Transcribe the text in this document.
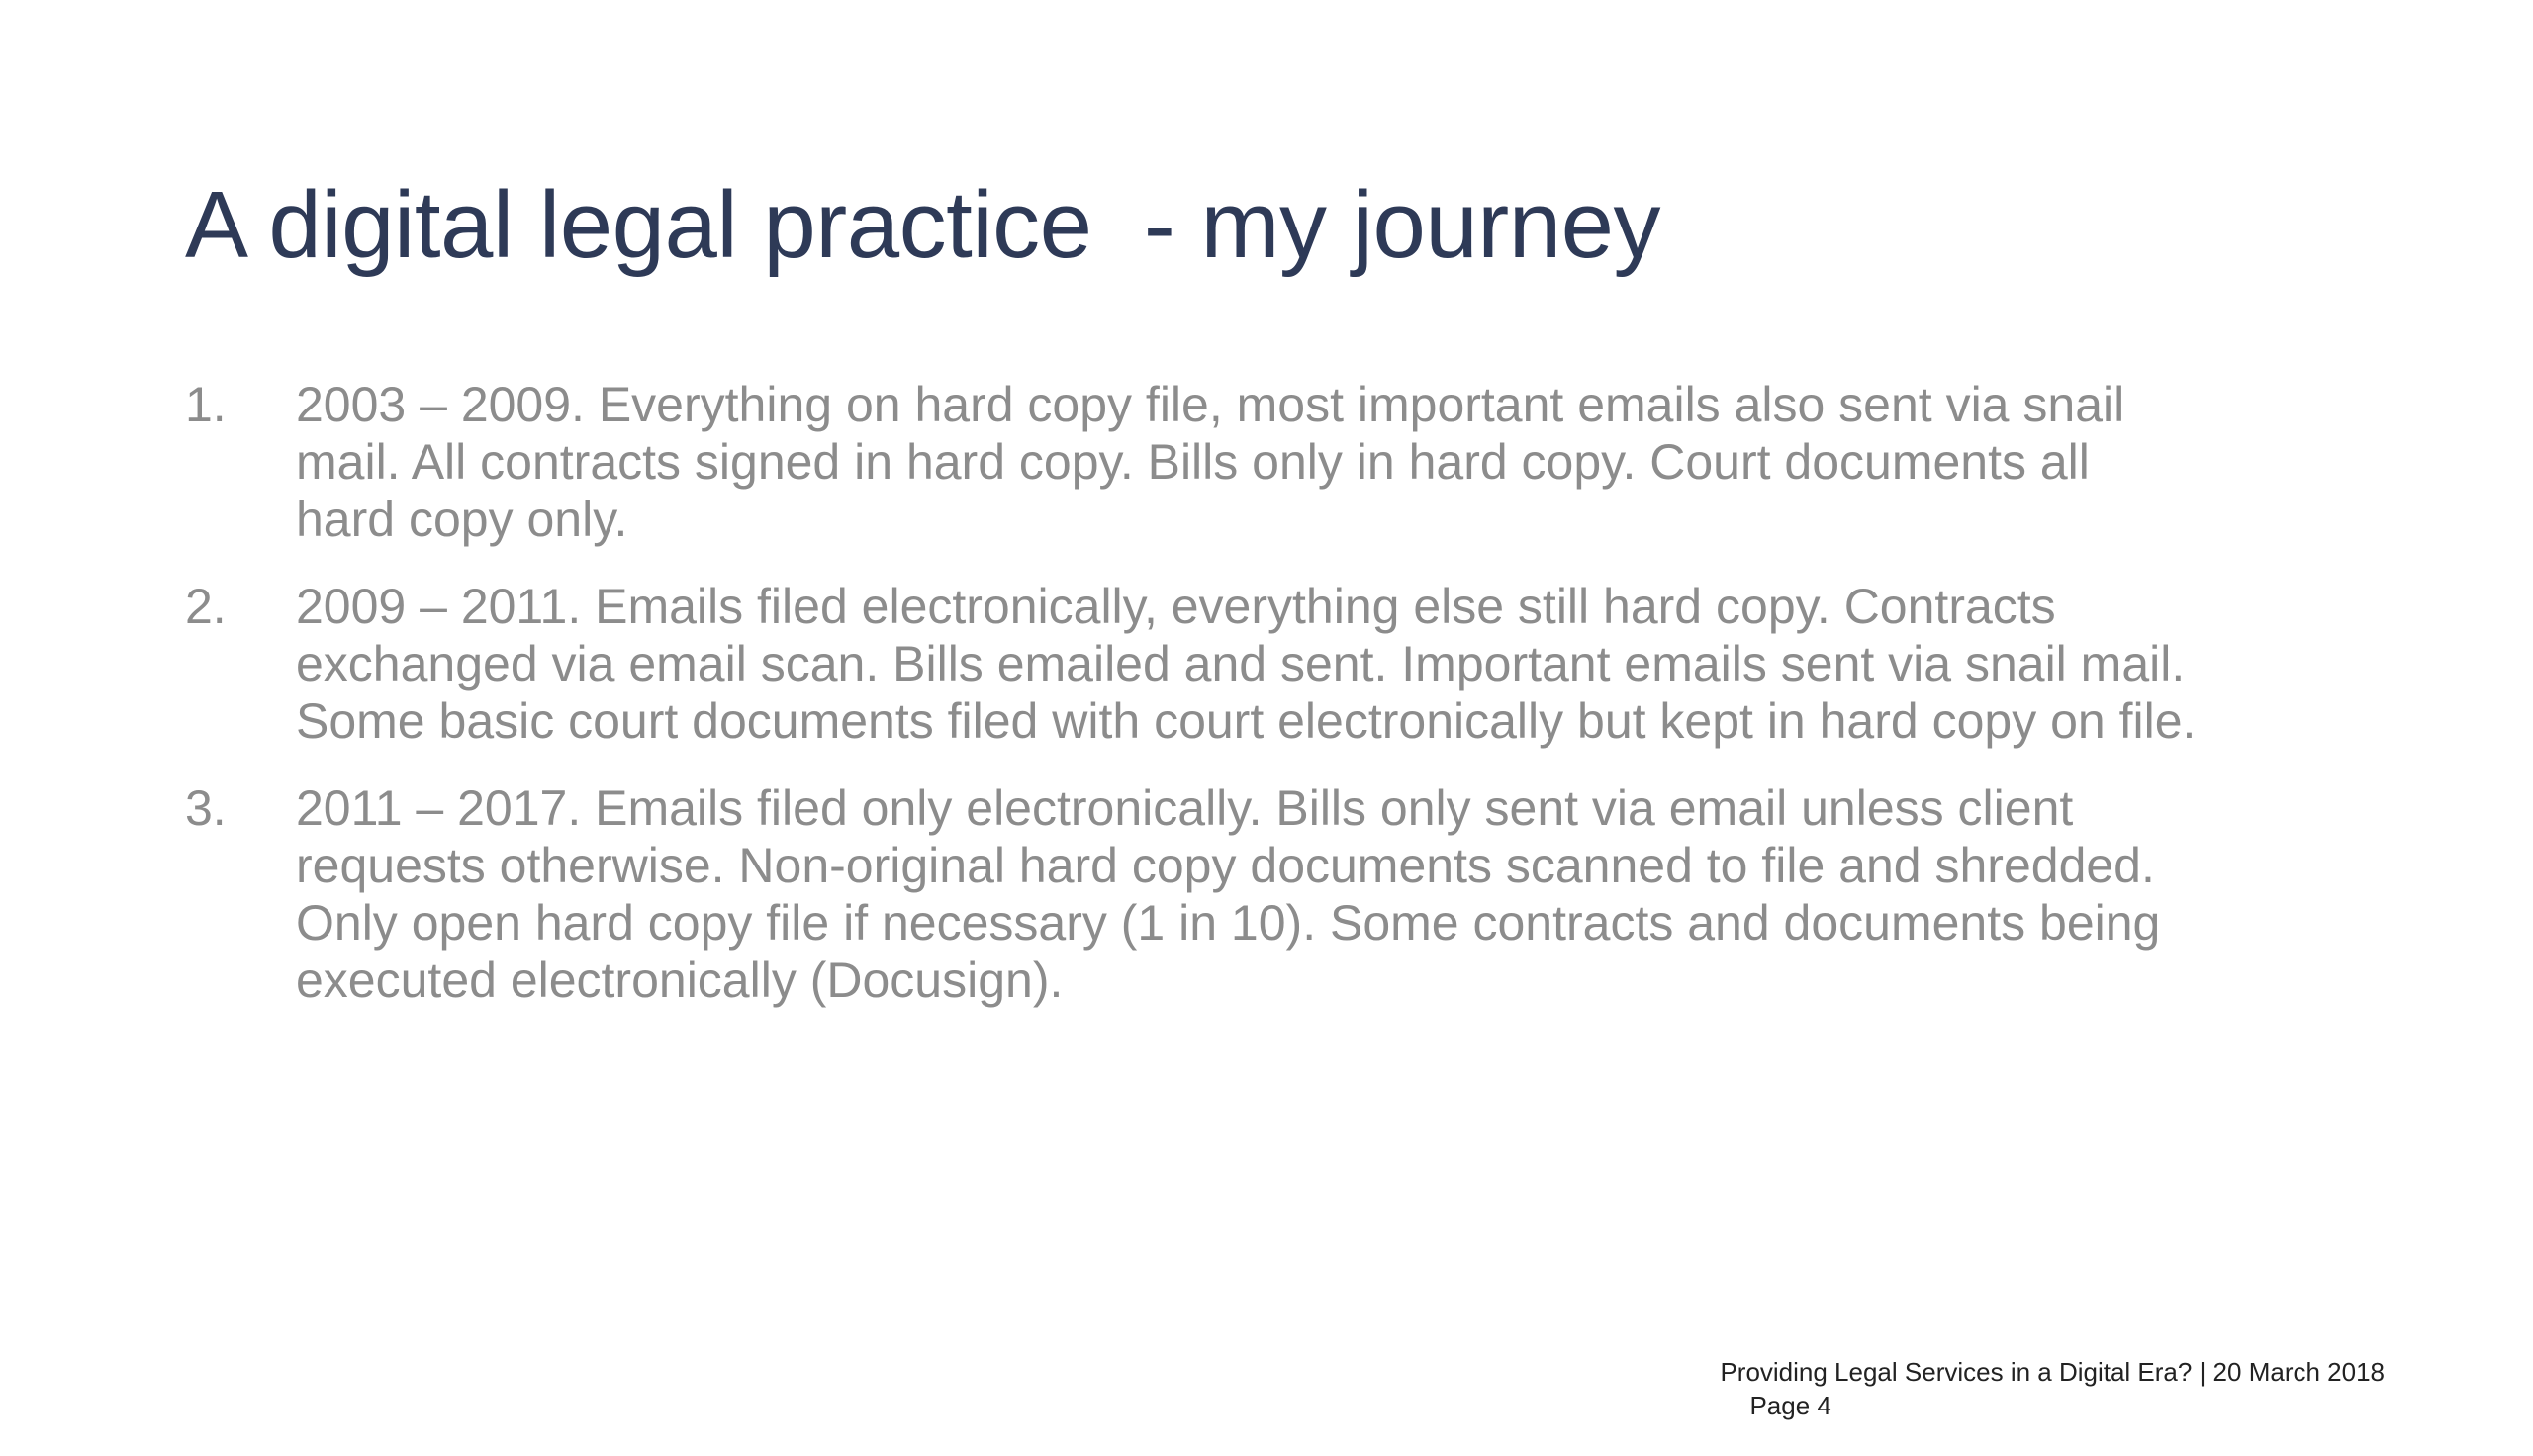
A digital legal practice  - my journey
1.	2003 – 2009. Everything on hard copy file, most important emails also sent via snail
mail. All contracts signed in hard copy. Bills only in hard copy. Court documents all
hard copy only.
2.	2009 – 2011. Emails filed electronically, everything else still hard copy. Contracts
exchanged via email scan. Bills emailed and sent. Important emails sent via snail mail.
Some basic court documents filed with court electronically but kept in hard copy on file.
3.	2011 – 2017. Emails filed only electronically. Bills only sent via email unless client
requests otherwise. Non-original hard copy documents scanned to file and shredded.
Only open hard copy file if necessary (1 in 10). Some contracts and documents being
executed electronically (Docusign).

Providing Legal Services in a Digital Era? | 20 March 2018
Page 4
